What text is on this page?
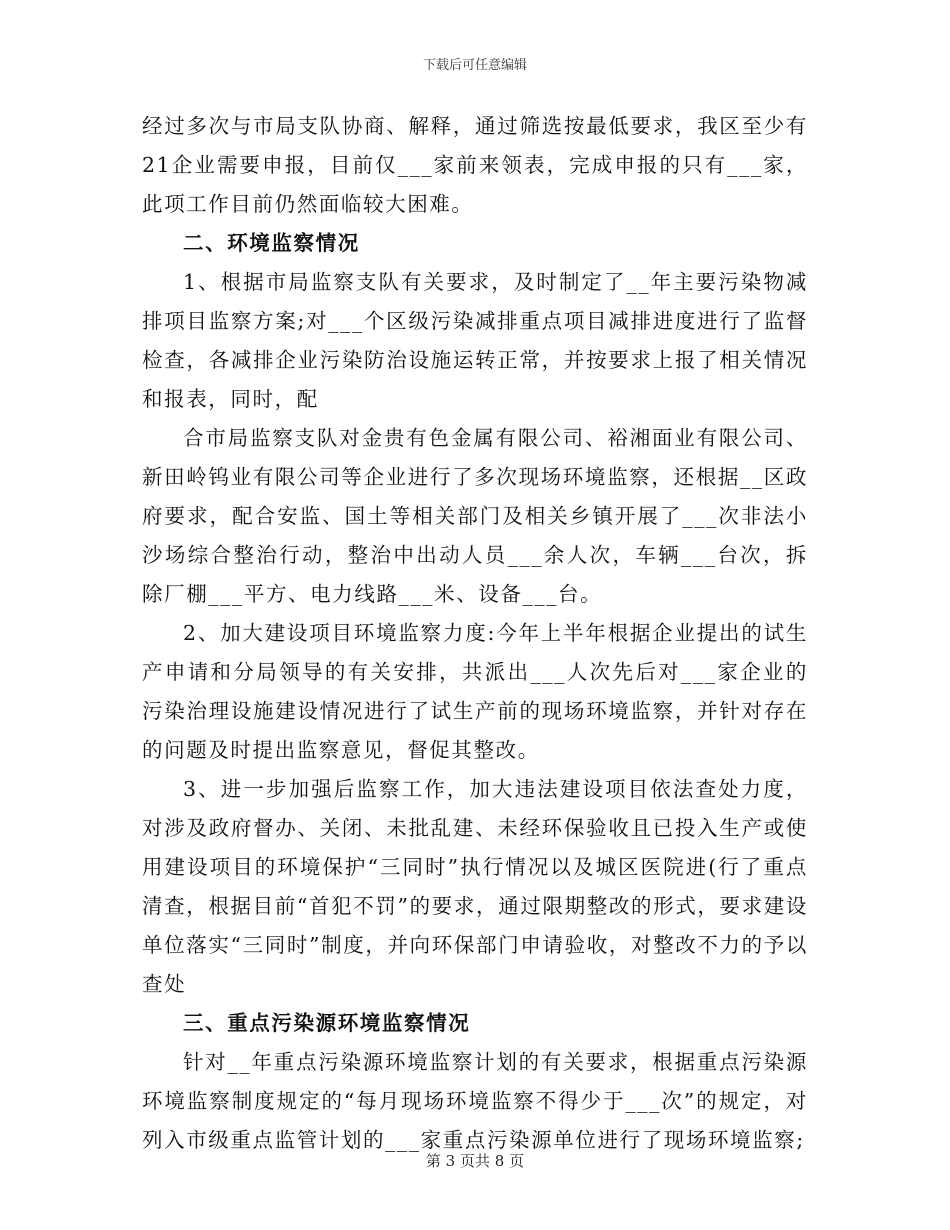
下载后可任意编辑

经过多次与市局支队协商、解释，通过筛选按最低要求，我区至少有21企业需要申报，目前仅___家前来领表，完成申报的只有___家，此项工作目前仍然面临较大困难。

二、环境监察情况

1、根据市局监察支队有关要求，及时制定了__年主要污染物减排项目监察方案;对___个区级污染减排重点项目减排进度进行了监督检查，各减排企业污染防治设施运转正常，并按要求上报了相关情况和报表，同时，配

合市局监察支队对金贵有色金属有限公司、裕湘面业有限公司、新田岭钨业有限公司等企业进行了多次现场环境监察，还根据__区政府要求，配合安监、国土等相关部门及相关乡镇开展了___次非法小沙场综合整治行动，整治中出动人员___余人次，车辆___台次，拆除厂棚___平方、电力线路___米、设备___台。

2、加大建设项目环境监察力度:今年上半年根据企业提出的试生产申请和分局领导的有关安排，共派出___人次先后对___家企业的污染治理设施建设情况进行了试生产前的现场环境监察，并针对存在的问题及时提出监察意见，督促其整改。

3、进一步加强后监察工作，加大违法建设项目依法查处力度，对涉及政府督办、关闭、未批乱建、未经环保验收且已投入生产或使用建设项目的环境保护“三同时”执行情况以及城区医院进(行了重点清查，根据目前“首犯不罚”的要求，通过限期整改的形式，要求建设单位落实“三同时”制度，并向环保部门申请验收，对整改不力的予以查处

三、重点污染源环境监察情况

针对__年重点污染源环境监察计划的有关要求，根据重点污染源环境监察制度规定的“每月现场环境监察不得少于___次”的规定，对列入市级重点监管计划的___家重点污染源单位进行了现场环境监察;

第 3 页共 8 页
